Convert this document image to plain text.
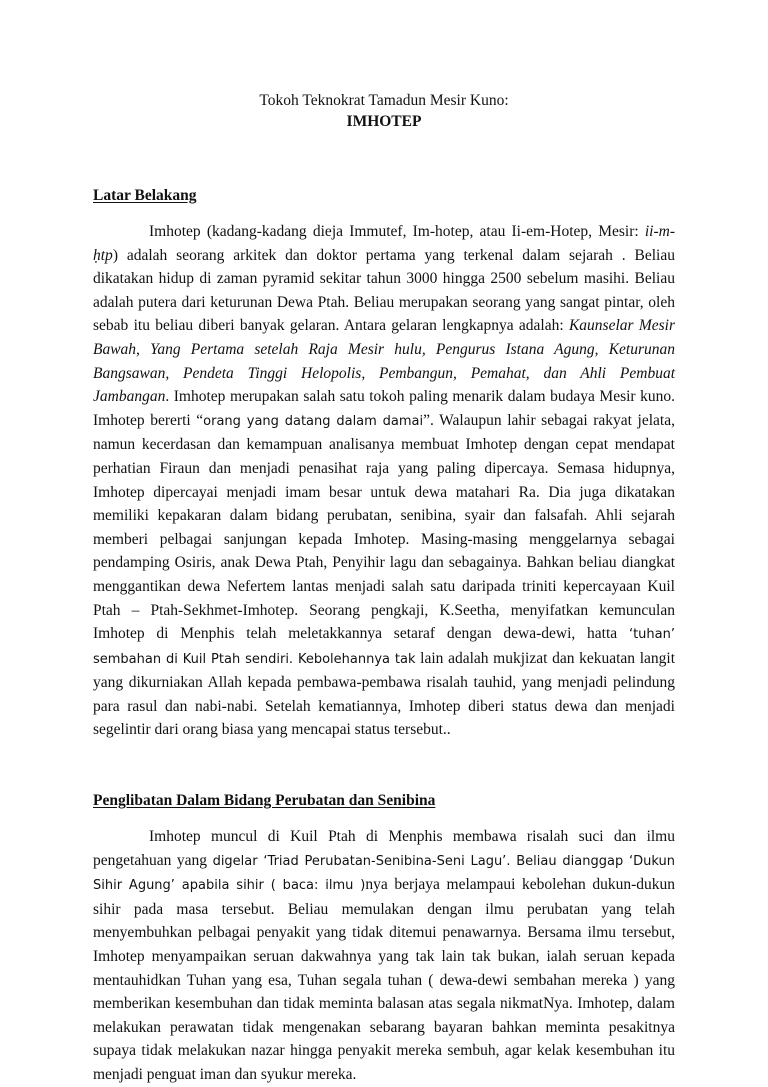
Tokoh Teknokrat Tamadun Mesir Kuno:

IMHOTEP

Latar Belakang

Imhotep (kadang-kadang dieja Immutef, Im-hotep, atau Ii-em-Hotep, Mesir: ii-m-ḥtp) adalah seorang arkitek dan doktor pertama yang terkenal dalam sejarah . Beliau dikatakan hidup di zaman pyramid sekitar tahun 3000 hingga 2500 sebelum masihi. Beliau adalah putera dari keturunan Dewa Ptah. Beliau merupakan seorang yang sangat pintar, oleh sebab itu beliau diberi banyak gelaran. Antara gelaran lengkapnya adalah: Kaunselar Mesir Bawah, Yang Pertama setelah Raja Mesir hulu, Pengurus Istana Agung, Keturunan Bangsawan, Pendeta Tinggi Helopolis, Pembangun, Pemahat, dan Ahli Pembuat Jambangan. Imhotep merupakan salah satu tokoh paling menarik dalam budaya Mesir kuno. Imhotep bererti “orang yang datang dalam damai”. Walaupun lahir sebagai rakyat jelata, namun kecerdasan dan kemampuan analisanya membuat Imhotep dengan cepat mendapat perhatian Firaun dan menjadi penasihat raja yang paling dipercaya. Semasa hidupnya, Imhotep dipercayai menjadi imam besar untuk dewa matahari Ra. Dia juga dikatakan memiliki kepakaran dalam bidang perubatan, senibina, syair dan falsafah. Ahli sejarah memberi pelbagai sanjungan kepada Imhotep. Masing-masing menggelarnya sebagai pendamping Osiris, anak Dewa Ptah, Penyihir lagu dan sebagainya. Bahkan beliau diangkat menggantikan dewa Nefertem lantas menjadi salah satu daripada triniti kepercayaan Kuil Ptah – Ptah-Sekhmet-Imhotep. Seorang pengkaji, K.Seetha, menyifatkan kemunculan Imhotep di Menphis telah meletakkannya setaraf dengan dewa-dewi, hatta ‘tuhan’ sembahan di Kuil Ptah sendiri. Kebolehannya tak lain adalah mukjizat dan kekuatan langit yang dikurniakan Allah kepada pembawa-pembawa risalah tauhid, yang menjadi pelindung para rasul dan nabi-nabi. Setelah kematiannya, Imhotep diberi status dewa dan menjadi segelintir dari orang biasa yang mencapai status tersebut..

Penglibatan Dalam Bidang Perubatan dan Senibina

Imhotep muncul di Kuil Ptah di Menphis membawa risalah suci dan ilmu pengetahuan yang digelar ‘Triad Perubatan-Senibina-Seni Lagu’. Beliau dianggap ‘Dukun Sihir Agung’ apabila sihir ( baca: ilmu )nya berjaya melampaui kebolehan dukun-dukun sihir pada masa tersebut. Beliau memulakan dengan ilmu perubatan yang telah menyembuhkan pelbagai penyakit yang tidak ditemui penawarnya. Bersama ilmu tersebut, Imhotep menyampaikan seruan dakwahnya yang tak lain tak bukan, ialah seruan kepada mentauhidkan Tuhan yang esa, Tuhan segala tuhan ( dewa-dewi sembahan mereka ) yang memberikan kesembuhan dan tidak meminta balasan atas segala nikmatNya. Imhotep, dalam melakukan perawatan tidak mengenakan sebarang bayaran bahkan meminta pesakitnya supaya tidak melakukan nazar hingga penyakit mereka sembuh, agar kelak kesembuhan itu menjadi penguat iman dan syukur mereka.
